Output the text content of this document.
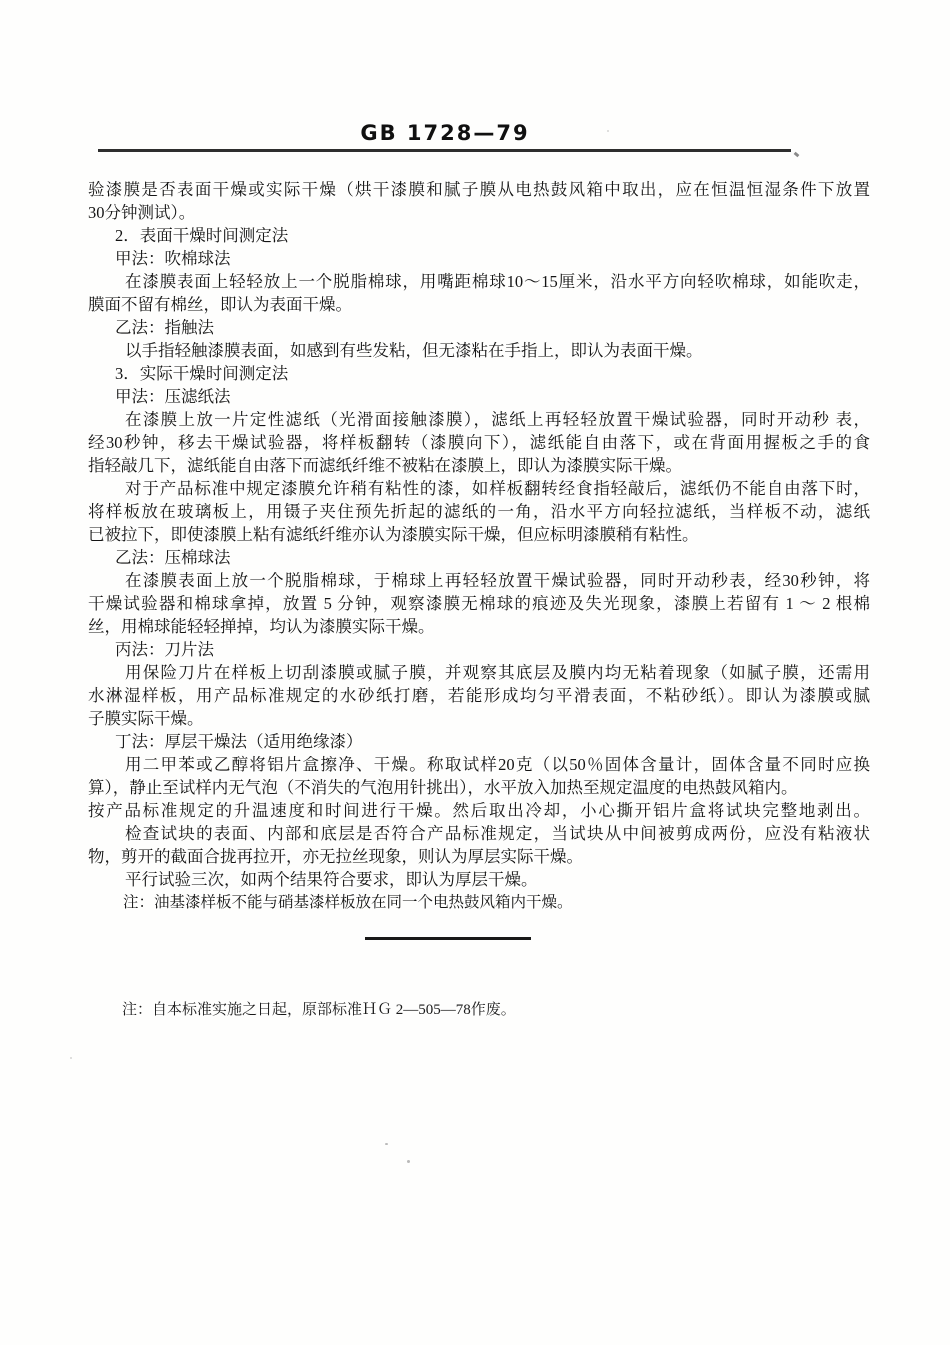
GB 1728—79
验漆膜是否表面干燥或实际干燥（烘干漆膜和腻子膜从电热鼓风箱中取出，应在恒温恒湿条件下放置
30分钟测试）。
2．表面干燥时间测定法
甲法：吹棉球法
在漆膜表面上轻轻放上一个脱脂棉球，用嘴距棉球10～15厘米，沿水平方向轻吹棉球，如能吹走，
膜面不留有棉丝，即认为表面干燥。
乙法：指触法
以手指轻触漆膜表面，如感到有些发粘，但无漆粘在手指上，即认为表面干燥。
3．实际干燥时间测定法
甲法：压滤纸法
在漆膜上放一片定性滤纸（光滑面接触漆膜），滤纸上再轻轻放置干燥试验器，同时开动秒 表，
经30秒钟，移去干燥试验器，将样板翻转（漆膜向下），滤纸能自由落下，或在背面用握板之手的食
指轻敲几下，滤纸能自由落下而滤纸纤维不被粘在漆膜上，即认为漆膜实际干燥。
对于产品标准中规定漆膜允许稍有粘性的漆，如样板翻转经食指轻敲后，滤纸仍不能自由落下时，
将样板放在玻璃板上，用镊子夹住预先折起的滤纸的一角，沿水平方向轻拉滤纸，当样板不动，滤纸
已被拉下，即使漆膜上粘有滤纸纤维亦认为漆膜实际干燥，但应标明漆膜稍有粘性。
乙法：压棉球法
在漆膜表面上放一个脱脂棉球，于棉球上再轻轻放置干燥试验器，同时开动秒表，经30秒钟，将
干燥试验器和棉球拿掉，放置 5 分钟，观察漆膜无棉球的痕迹及失光现象，漆膜上若留有 1 ～ 2 根棉
丝，用棉球能轻轻掸掉，均认为漆膜实际干燥。
丙法：刀片法
用保险刀片在样板上切刮漆膜或腻子膜，并观察其底层及膜内均无粘着现象（如腻子膜，还需用
水淋湿样板，用产品标准规定的水砂纸打磨，若能形成均匀平滑表面，不粘砂纸）。即认为漆膜或腻
子膜实际干燥。
丁法：厚层干燥法（适用绝缘漆）
用二甲苯或乙醇将铝片盒擦净、干燥。称取试样20克（以50％固体含量计，固体含量不同时应换
算），静止至试样内无气泡（不消失的气泡用针挑出），水平放入加热至规定温度的电热鼓风箱内。
按产品标准规定的升温速度和时间进行干燥。然后取出冷却，小心撕开铝片盒将试块完整地剥出。
检查试块的表面、内部和底层是否符合产品标准规定，当试块从中间被剪成两份，应没有粘液状
物，剪开的截面合拢再拉开，亦无拉丝现象，则认为厚层实际干燥。
平行试验三次，如两个结果符合要求，即认为厚层干燥。
注：油基漆样板不能与硝基漆样板放在同一个电热鼓风箱内干燥。
注：自本标准实施之日起，原部标准ＨＧ 2—505—78作废。
